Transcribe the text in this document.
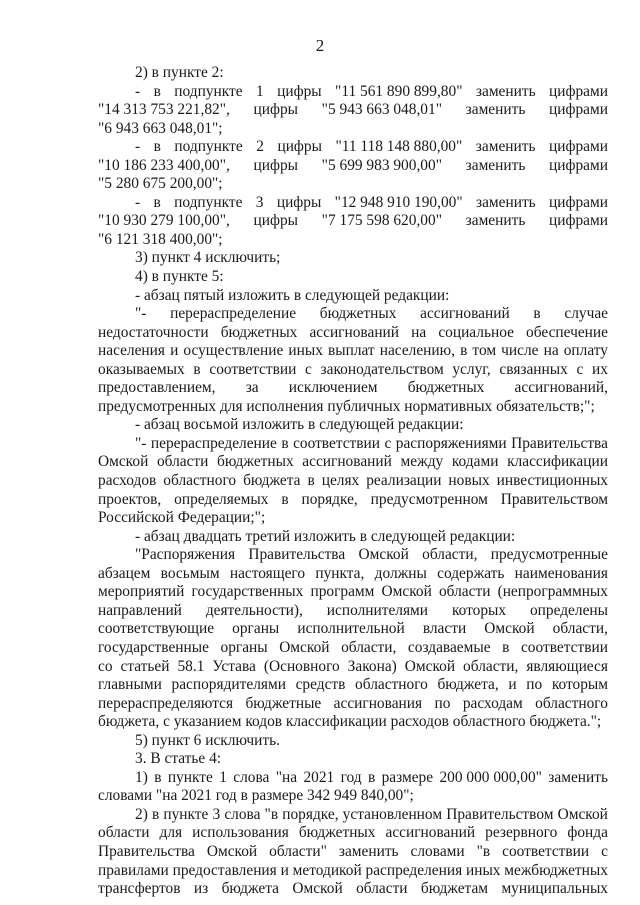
2
2) в пункте 2:
- в подпункте 1 цифры "11 561 890 899,80" заменить цифрами
"14 313 753 221,82", цифры "5 943 663 048,01" заменить цифрами
"6 943 663 048,01";
- в подпункте 2 цифры "11 118 148 880,00" заменить цифрами
"10 186 233 400,00", цифры "5 699 983 900,00" заменить цифрами
"5 280 675 200,00";
- в подпункте 3 цифры "12 948 910 190,00" заменить цифрами
"10 930 279 100,00", цифры "7 175 598 620,00" заменить цифрами
"6 121 318 400,00";
3) пункт 4 исключить;
4) в пункте 5:
- абзац пятый изложить в следующей редакции:
"- перераспределение бюджетных ассигнований в случае
недостаточности бюджетных ассигнований на социальное обеспечение
населения и осуществление иных выплат населению, в том числе на оплату
оказываемых в соответствии с законодательством услуг, связанных с их
предоставлением, за исключением бюджетных ассигнований,
предусмотренных для исполнения публичных нормативных обязательств;";
- абзац восьмой изложить в следующей редакции:
"- перераспределение в соответствии с распоряжениями Правительства
Омской области бюджетных ассигнований между кодами классификации
расходов областного бюджета в целях реализации новых инвестиционных
проектов, определяемых в порядке, предусмотренном Правительством
Российской Федерации;";
- абзац двадцать третий изложить в следующей редакции:
"Распоряжения Правительства Омской области, предусмотренные
абзацем восьмым настоящего пункта, должны содержать наименования
мероприятий государственных программ Омской области (непрограммных
направлений деятельности), исполнителями которых определены
соответствующие органы исполнительной власти Омской области,
государственные органы Омской области, создаваемые в соответствии
со статьей 58.1 Устава (Основного Закона) Омской области, являющиеся
главными распорядителями средств областного бюджета, и по которым
перераспределяются бюджетные ассигнования по расходам областного
бюджета, с указанием кодов классификации расходов областного бюджета.";
5) пункт 6 исключить.
3. В статье 4:
1) в пункте 1 слова "на 2021 год в размере 200 000 000,00" заменить
словами "на 2021 год в размере 342 949 840,00";
2) в пункте 3 слова "в порядке, установленном Правительством Омской
области для использования бюджетных ассигнований резервного фонда
Правительства Омской области" заменить словами "в соответствии с
правилами предоставления и методикой распределения иных межбюджетных
трансфертов из бюджета Омской области бюджетам муниципальных
